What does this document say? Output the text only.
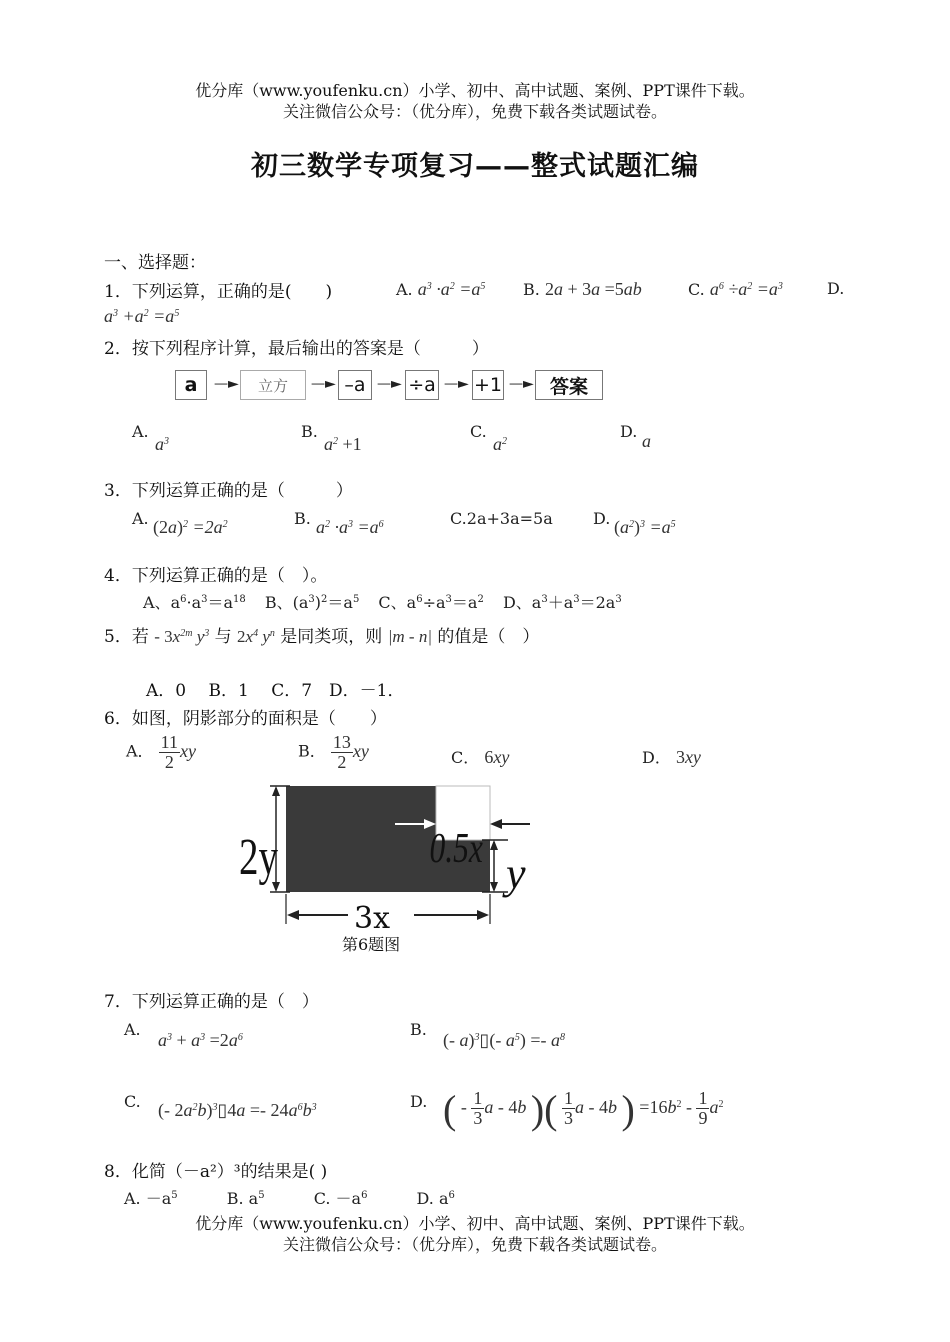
优分库（www.youfenku.cn）小学、初中、高中试题、案例、PPT课件下载。
关注微信公众号：（优分库），免费下载各类试题试卷。
初三数学专项复习——整式试题汇编
一、选择题：
1．下列运算，正确的是(　　)	A. $a^3 \cdot a^2 =a^5$ B. 2a + 3a =5ab	C. $a^6 \div a^2 =a^3$	D.
$a^3 +a^2 =a^5$
2．按下列程序计算，最后输出的答案是（　　　）
a	—►	立方	—► –a —► ÷a —► +1 —► 答案
A.
$a^3$
B.
$a^2 +1$
C.
$a^2$
D. a
3．下列运算正确的是（　　　）
A. $(2a)^2 =2a^2$	B. $a^2 \cdot a^3 =a^6$	C.2a+3a=5a	D. $(a^2)^3 =a^5$
4．下列运算正确的是（　）。
A、$a^6\cdot a^3=a^{18}$ B、$(a^3)^2=a^5$ C、$a^6\div a^3=a^2$ D、$a^3+a^3=2a^3$
5．若 - $3x^{2m}$ $y^3$ 与 $2x^4$ $y^n$ 是同类项，则 |m - n| 的值是（　）
A．0　 B．1　 C．7　D．－1．
6．如图，阴影部分的面积是（　　）
A． $\frac{11}{2}$ xy	B． $\frac{13}{2}$ xy	C． 6xy	D． 3xy
2y	0.5x
y
3x
第6题图
7．下列运算正确的是（　）
A.
$a^3 + a^3 =2a^6$	B.
(- a)$^3$▯(- $a^5) =- a^8$
C. (- $2a^2b)^3▯4a =- 24a^6b^3$	D. ( - $\frac{1}{3}$ a - 4b )( $\frac{1}{3}$ a - 4b ) $=16b^2 - \frac{1}{9} a^2$
8．化简（－a²）³的结果是( )
A. $-a^5$	B. $a^5$	C. $-a^6$	D. $a^6$
优分库（www.youfenku.cn）小学、初中、高中试题、案例、PPT课件下载。
关注微信公众号：（优分库），免费下载各类试题试卷。
